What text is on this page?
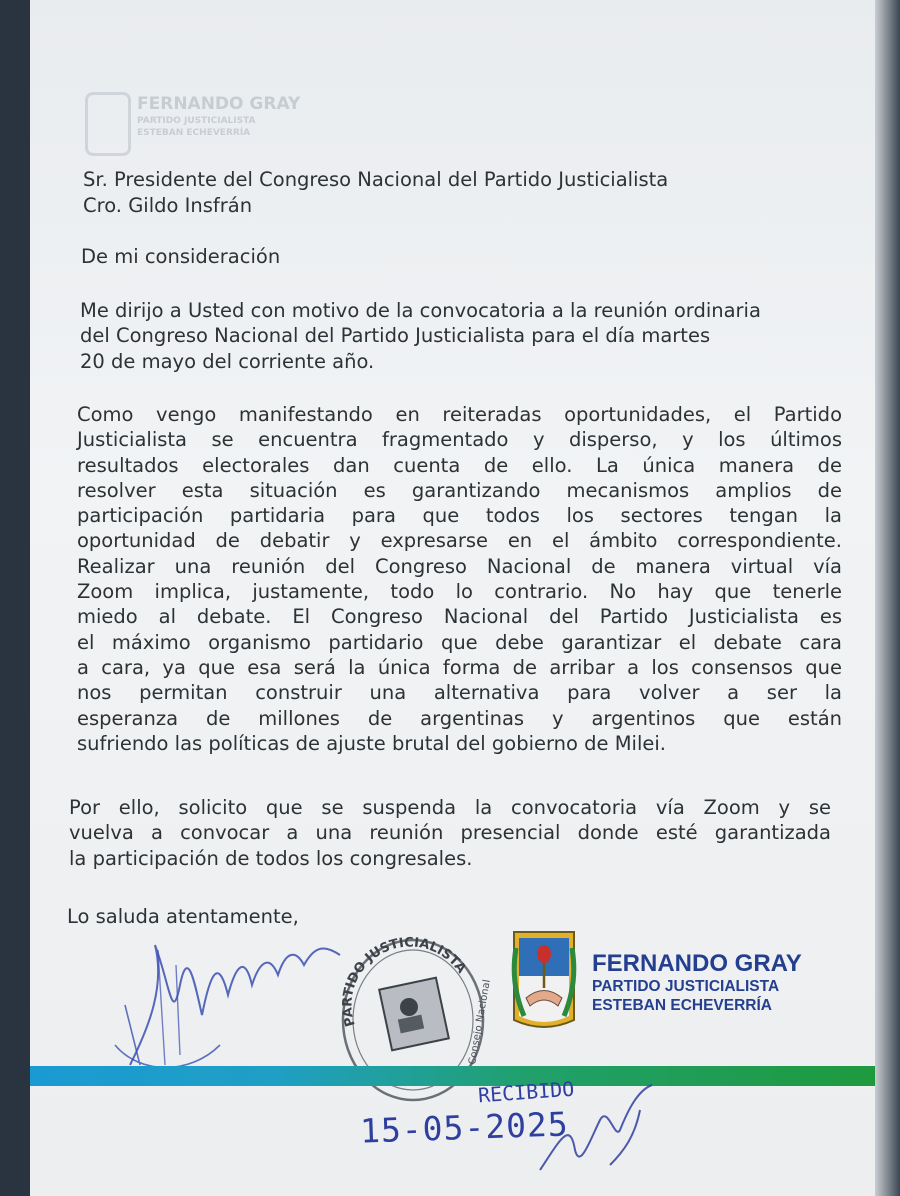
FERNANDO GRAY
PARTIDO JUSTICIALISTA
ESTEBAN ECHEVERRÍA
Sr. Presidente del Congreso Nacional del Partido Justicialista
Cro. Gildo Insfrán
De mi consideración
Me dirijo a Usted con motivo de la convocatoria a la reunión ordinaria
del Congreso Nacional del Partido Justicialista para el día martes
20 de mayo del corriente año.
Como vengo manifestando en reiteradas oportunidades, el Partido
Justicialista se encuentra fragmentado y disperso, y los últimos
resultados electorales dan cuenta de ello. La única manera de
resolver esta situación es garantizando mecanismos amplios de
participación partidaria para que todos los sectores tengan la
oportunidad de debatir y expresarse en el ámbito correspondiente.
Realizar una reunión del Congreso Nacional de manera virtual vía
Zoom implica, justamente, todo lo contrario. No hay que tenerle
miedo al debate. El Congreso Nacional del Partido Justicialista es
el máximo organismo partidario que debe garantizar el debate cara
a cara, ya que esa será la única forma de arribar a los consensos que
nos permitan construir una alternativa para volver a ser la
esperanza de millones de argentinas y argentinos que están
sufriendo las políticas de ajuste brutal del gobierno de Milei.
Por ello, solicito que se suspenda la convocatoria vía Zoom y se
vuelva a convocar a una reunión presencial donde esté garantizada
la participación de todos los congresales.
Lo saluda atentamente,
PARTIDO JUSTICIALISTA
Consejo Nacional
FERNANDO GRAY
PARTIDO JUSTICIALISTA
ESTEBAN ECHEVERRÍA
RECIBIDO
15-05-2025
